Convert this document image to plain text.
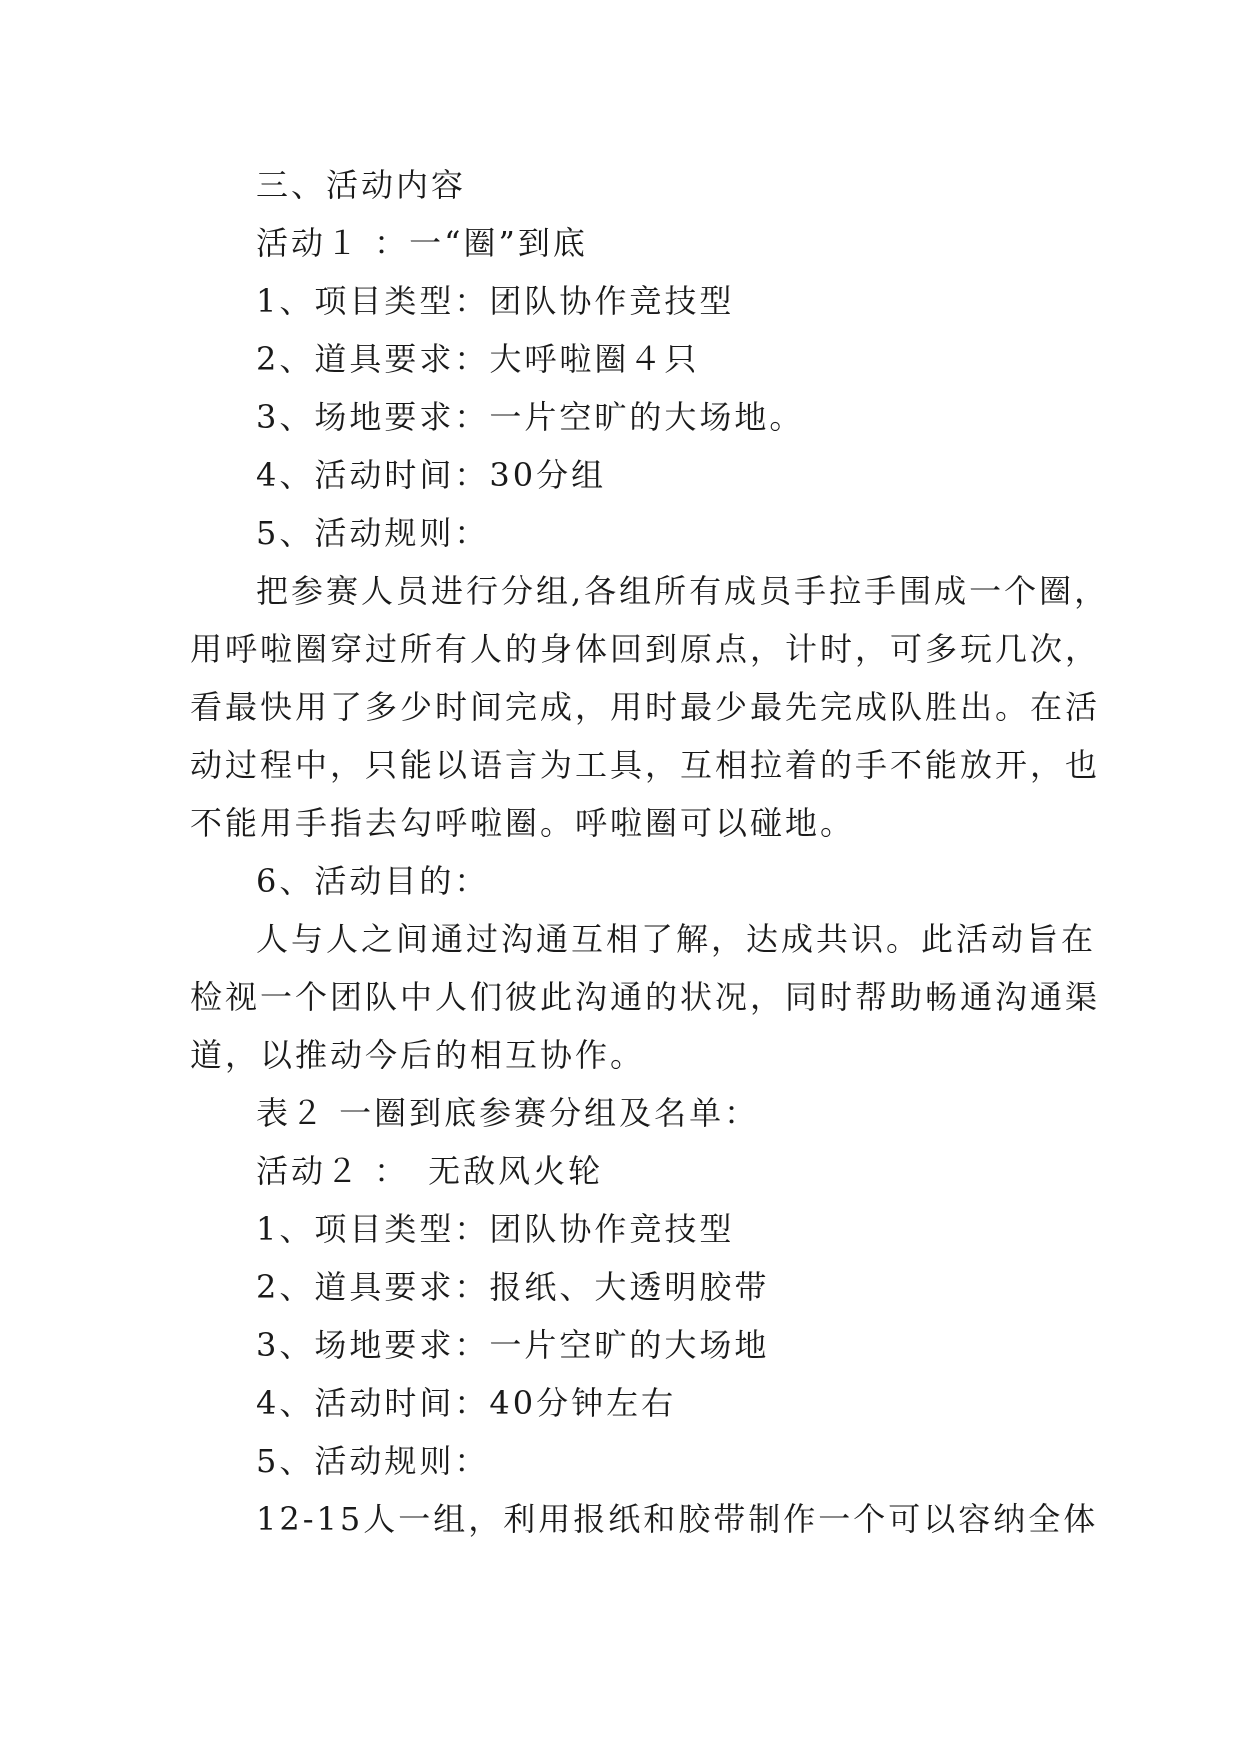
三、活动内容
活动１ ：一“圈”到底
1、项目类型：团队协作竞技型
2、道具要求：大呼啦圈４只
3、场地要求：一片空旷的大场地。
4、活动时间：30分组
5、活动规则：
把参赛人员进行分组,各组所有成员手拉手围成一个圈，
用呼啦圈穿过所有人的身体回到原点，计时，可多玩几次，
看最快用了多少时间完成，用时最少最先完成队胜出。在活
动过程中，只能以语言为工具，互相拉着的手不能放开，也
不能用手指去勾呼啦圈。呼啦圈可以碰地。
6、活动目的：
人与人之间通过沟通互相了解，达成共识。此活动旨在
检视一个团队中人们彼此沟通的状况，同时帮助畅通沟通渠
道，以推动今后的相互协作。
表２ 一圈到底参赛分组及名单：
活动２ ：　无敌风火轮
1、项目类型：团队协作竞技型
2、道具要求：报纸、大透明胶带
3、场地要求：一片空旷的大场地
4、活动时间：40分钟左右
5、活动规则：
12-15人一组，利用报纸和胶带制作一个可以容纳全体
